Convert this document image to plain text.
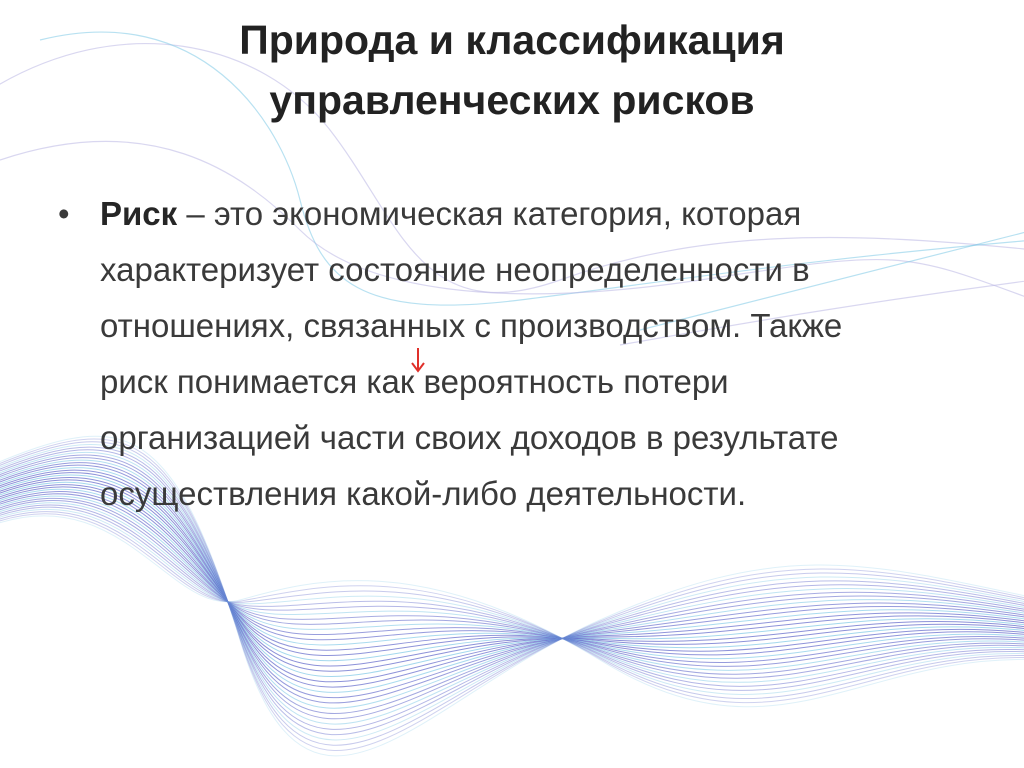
Природа и классификация
управленческих рисков
• Риск – это экономическая категория, которая характеризует состояние неопределенности в отношениях, связанных с производством. Также риск понимается как вероятность потери организацией части своих доходов в результате осуществления какой-либо деятельности.
